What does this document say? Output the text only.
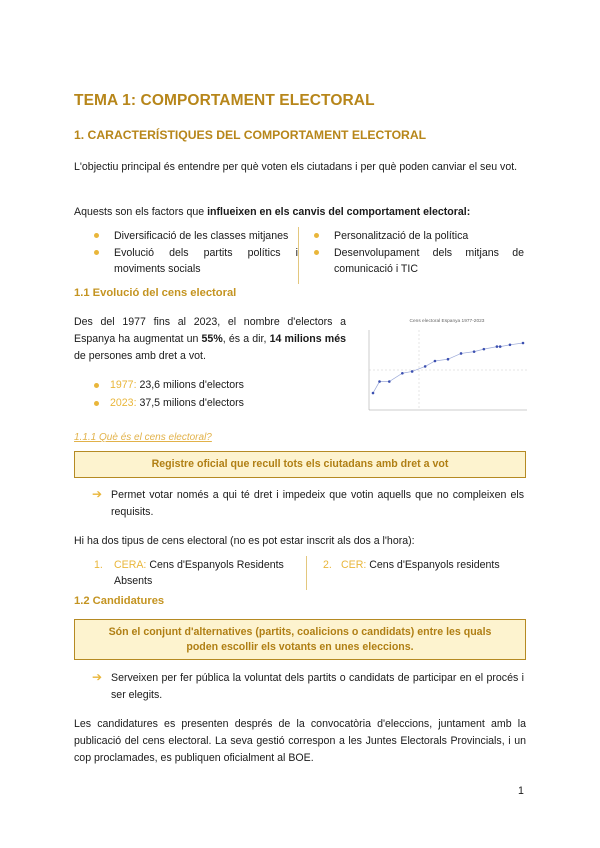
TEMA 1: COMPORTAMENT ELECTORAL
1. CARACTERÍSTIQUES DEL COMPORTAMENT ELECTORAL
L'objectiu principal és entendre per què voten els ciutadans i per què poden canviar el seu vot.
Aquests son els factors que influeixen en els canvis del comportament electoral:
Diversificació de les classes mitjanes
Evolució dels partits polítics i moviments socials
Personalització de la política
Desenvolupament dels mitjans de comunicació i TIC
1.1 Evolució del cens electoral
Des del 1977 fins al 2023, el nombre d'electors a Espanya ha augmentat un 55%, és a dir, 14 milions més de persones amb dret a vot.
1977: 23,6 milions d'electors
2023: 37,5 milions d'electors
Cens electoral Espanya 1977-2023
1.1.1 Què és el cens electoral?
Registre oficial que recull tots els ciutadans amb dret a vot
➔ Permet votar només a qui té dret i impedeix que votin aquells que no compleixen els requisits.
Hi ha dos tipus de cens electoral (no es pot estar inscrit als dos a l'hora):
1. CERA: Cens d'Espanyols Residents Absents
2. CER: Cens d'Espanyols residents
1.2 Candidatures
Són el conjunt d'alternatives (partits, coalicions o candidats) entre les quals poden escollir els votants en unes eleccions.
➔ Serveixen per fer pública la voluntat dels partits o candidats de participar en el procés i ser elegits.
Les candidatures es presenten després de la convocatòria d'eleccions, juntament amb la publicació del cens electoral. La seva gestió correspon a les Juntes Electorals Provincials, i un cop proclamades, es publiquen oficialment al BOE.
1
